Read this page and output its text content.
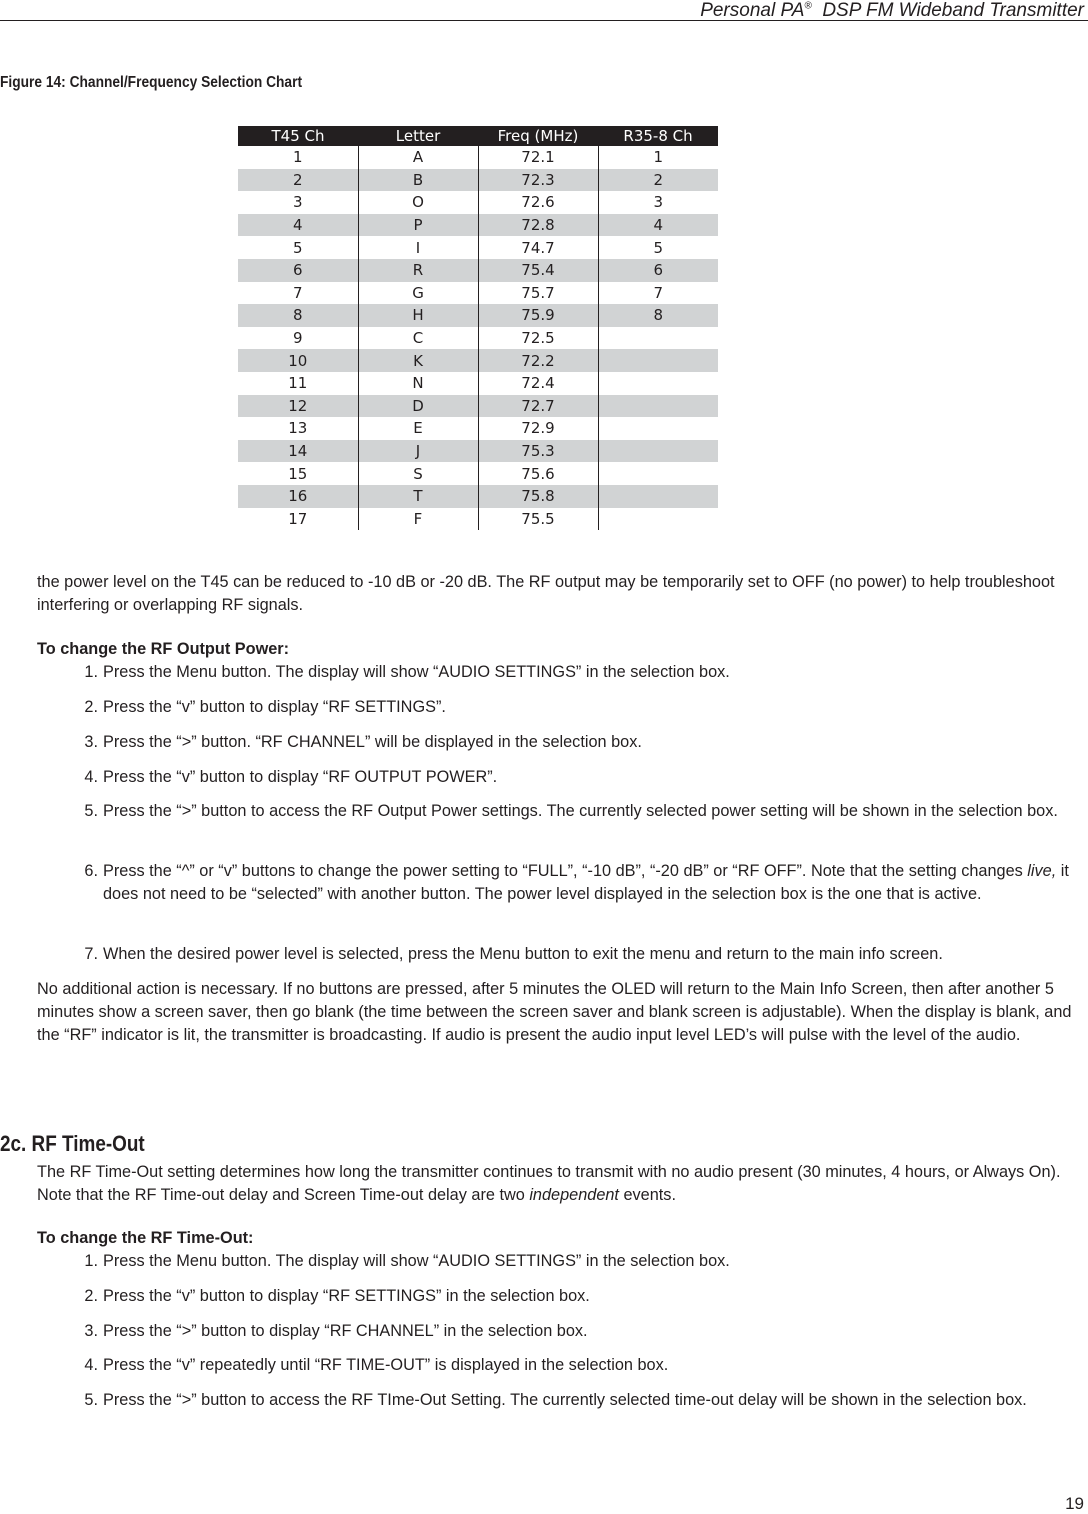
Personal PA®  DSP FM Wideband Transmitter
Figure 14: Channel/Frequency Selection Chart
T45 Ch	Letter	Freq (MHz)	R35-8 Ch
1	A	72.1	1
2	B	72.3	2
3	O	72.6	3
4	P	72.8	4
5	I	74.7	5
6	R	75.4	6
7	G	75.7	7
8	H	75.9	8
9	C	72.5	
10	K	72.2	
11	N	72.4	
12	D	72.7	
13	E	72.9	
14	J	75.3	
15	S	75.6	
16	T	75.8	
17	F	75.5	
the power level on the T45 can be reduced to -10 dB or -20 dB. The RF output may be temporarily set to OFF (no power) to help troubleshoot interfering or overlapping RF signals.
To change the RF Output Power:
1. Press the Menu button. The display will show “AUDIO SETTINGS” in the selection box.
2. Press the “v” button to display “RF SETTINGS”.
3. Press the “>” button. “RF CHANNEL” will be displayed in the selection box.
4. Press the “v” button to display “RF OUTPUT POWER”.
5. Press the “>” button to access the RF Output Power settings. The currently selected power setting will be shown in the selection box.
6. Press the “^” or “v” buttons to change the power setting to “FULL”, “-10 dB”, “-20 dB” or “RF OFF”. Note that the setting changes live, it does not need to be “selected” with another button. The power level displayed in the selection box is the one that is active.
7. When the desired power level is selected, press the Menu button to exit the menu and return to the main info screen.
No additional action is necessary. If no buttons are pressed, after 5 minutes the OLED will return to the Main Info Screen, then after another 5 minutes show a screen saver, then go blank (the time between the screen saver and blank screen is adjustable). When the display is blank, and the “RF” indicator is lit, the transmitter is broadcasting. If audio is present the audio input level LED’s will pulse with the level of the audio.
2c. RF Time-Out
The RF Time-Out setting determines how long the transmitter continues to transmit with no audio present (30 minutes, 4 hours, or Always On). Note that the RF Time-out delay and Screen Time-out delay are two independent events.
To change the RF Time-Out:
1. Press the Menu button. The display will show “AUDIO SETTINGS” in the selection box.
2. Press the “v” button to display “RF SETTINGS” in the selection box.
3. Press the “>” button to display “RF CHANNEL” in the selection box.
4. Press the “v” repeatedly until “RF TIME-OUT” is displayed in the selection box.
5. Press the “>” button to access the RF TIme-Out Setting. The currently selected time-out delay will be shown in the selection box.
19
